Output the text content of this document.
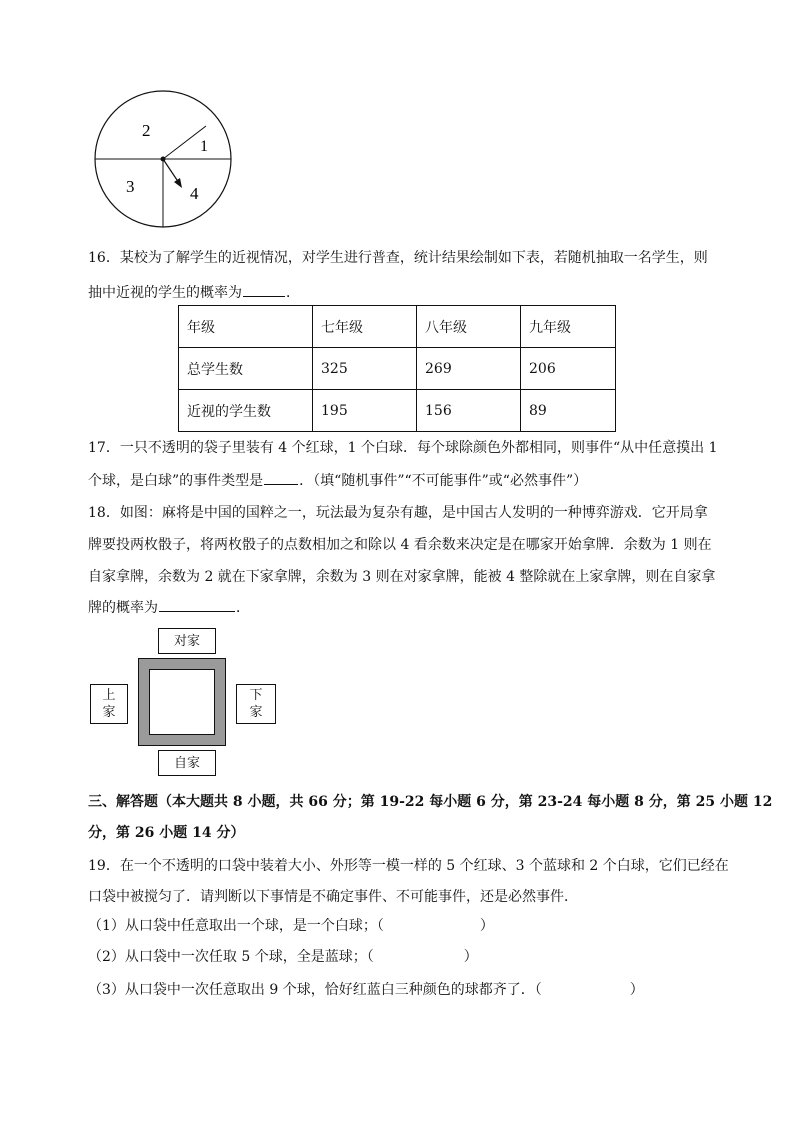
1
2
3	4
16．某校为了解学生的近视情况，对学生进行普查，统计结果绘制如下表，若随机抽取一名学生，则
抽中近视的学生的概率为	．
年级	七年级	八年级	九年级
总学生数	325	269	206
近视的学生数	195	156	89
17．一只不透明的袋子里装有 4 个红球，1 个白球．每个球除颜色外都相同，则事件“从中任意摸出 1
个球，是白球”的事件类型是	．（填“随机事件”“不可能事件”或“必然事件”）
18．如图：麻将是中国的国粹之一，玩法最为复杂有趣，是中国古人发明的一种博弈游戏．它开局拿
牌要投两枚骰子，将两枚骰子的点数相加之和除以 4 看余数来决定是在哪家开始拿牌．余数为 1 则在
自家拿牌，余数为 2 就在下家拿牌，余数为 3 则在对家拿牌，能被 4 整除就在上家拿牌，则在自家拿
牌的概率为	．
对家
上
家
下
家
自家
三、解答题（本大题共 8 小题，共 66 分；第 19-22 每小题 6 分，第 23-24 每小题 8 分，第 25 小题 12
分，第 26 小题 14 分）
19．在一个不透明的口袋中装着大小、外形等一模一样的 5 个红球、3 个蓝球和 2 个白球，它们已经在
口袋中被搅匀了．请判断以下事情是不确定事件、不可能事件，还是必然事件．
（1）从口袋中任意取出一个球，是一个白球；（	）
（2）从口袋中一次任取 5 个球，全是蓝球；（	）
（3）从口袋中一次任意取出 9 个球，恰好红蓝白三种颜色的球都齐了．（	）
